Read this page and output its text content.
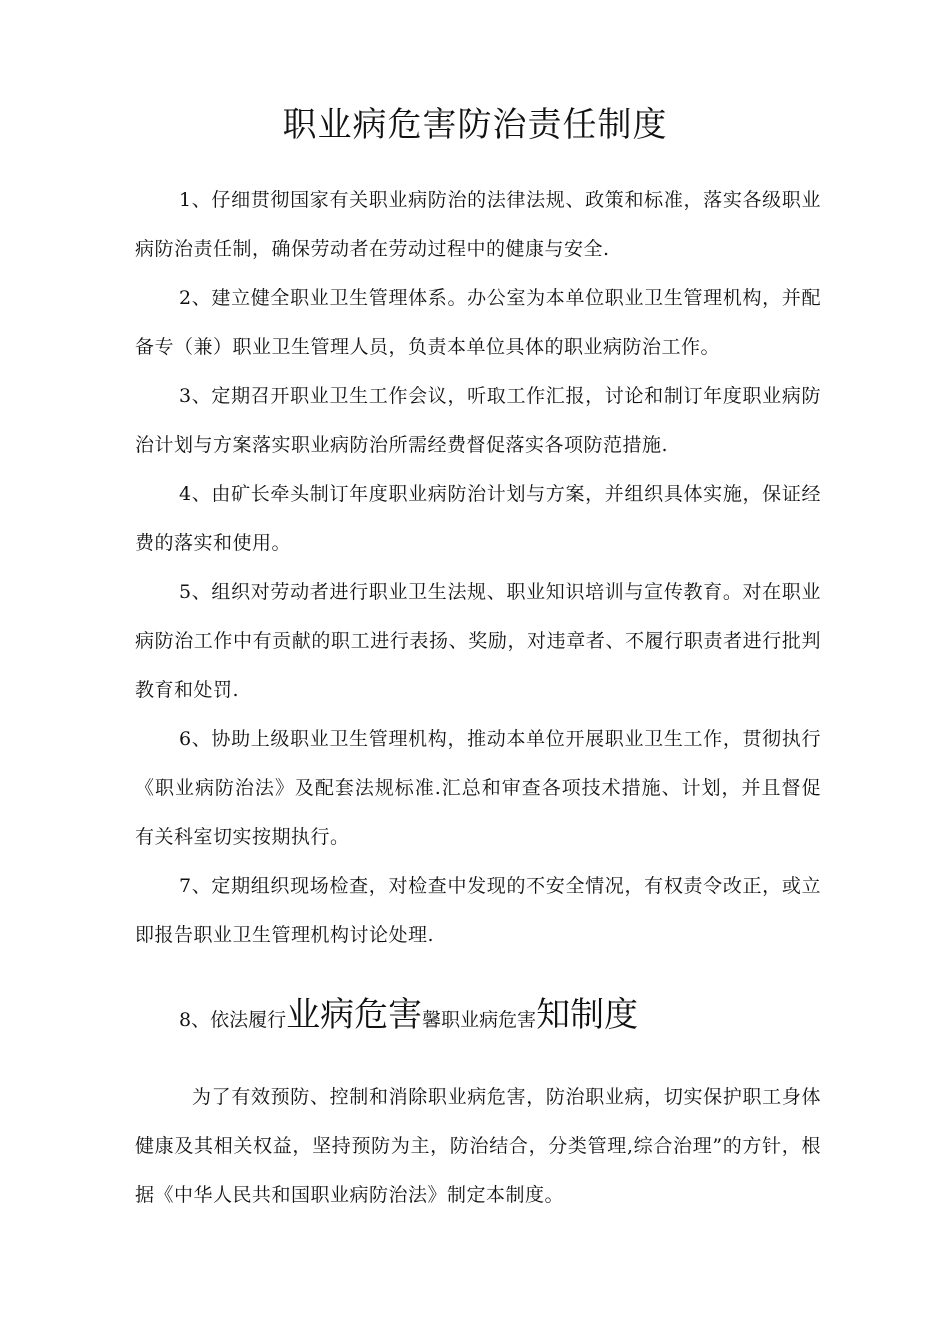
职业病危害防治责任制度

1、仔细贯彻国家有关职业病防治的法律法规、政策和标准，落实各级职业病防治责任制，确保劳动者在劳动过程中的健康与安全.

2、建立健全职业卫生管理体系。办公室为本单位职业卫生管理机构，并配备专（兼）职业卫生管理人员，负责本单位具体的职业病防治工作。

3、定期召开职业卫生工作会议，听取工作汇报，讨论和制订年度职业病防治计划与方案落实职业病防治所需经费督促落实各项防范措施.

4、由矿长牵头制订年度职业病防治计划与方案，并组织具体实施，保证经费的落实和使用。

5、组织对劳动者进行职业卫生法规、职业知识培训与宣传教育。对在职业病防治工作中有贡献的职工进行表扬、奖励，对违章者、不履行职责者进行批判教育和处罚.

6、协助上级职业卫生管理机构，推动本单位开展职业卫生工作，贯彻执行《职业病防治法》及配套法规标准.汇总和审查各项技术措施、计划，并且督促有关科室切实按期执行。

7、定期组织现场检查，对检查中发现的不安全情况，有权责令改正，或立即报告职业卫生管理机构讨论处理.

8、依法履行业病危害馨职业病危害知制度

为了有效预防、控制和消除职业病危害，防治职业病，切实保护职工身体健康及其相关权益，坚持预防为主，防治结合，分类管理,综合治理”的方针，根据《中华人民共和国职业病防治法》制定本制度。
